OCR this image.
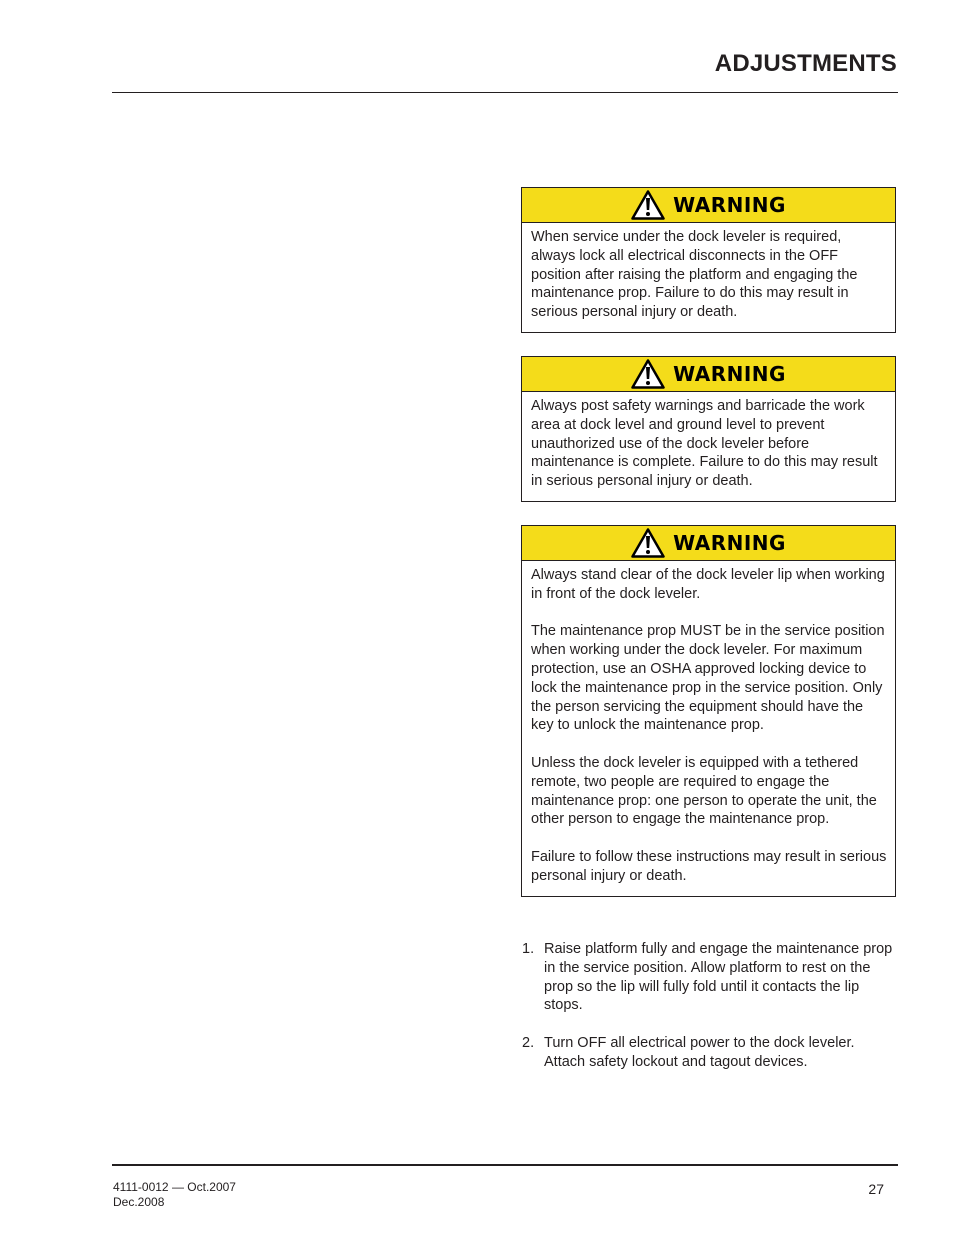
ADJUSTMENTS
WARNING

When service under the dock leveler is required, always lock all electrical disconnects in the OFF position after raising the platform and engaging the maintenance prop. Failure to do this may result in serious personal injury or death.

WARNING

Always post safety warnings and barricade the work area at dock level and ground level to prevent unauthorized use of the dock leveler before maintenance is complete. Failure to do this may result in serious personal injury or death.

WARNING

Always stand clear of the dock leveler lip when working in front of the dock leveler.

The maintenance prop MUST be in the service position when working under the dock leveler. For maximum protection, use an OSHA approved locking device to lock the maintenance prop in the service position. Only the person servicing the equipment should have the key to unlock the maintenance prop.

Unless the dock leveler is equipped with a tethered remote, two people are required to engage the maintenance prop: one person to operate the unit, the other person to engage the maintenance prop.

Failure to follow these instructions may result in serious personal injury or death.

1. Raise platform fully and engage the maintenance prop in the service position. Allow platform to rest on the prop so the lip will fully fold until it contacts the lip stops.
2. Turn OFF all electrical power to the dock leveler. Attach safety lockout and tagout devices.
4111-0012 — Oct.2007
Dec.2008
27
